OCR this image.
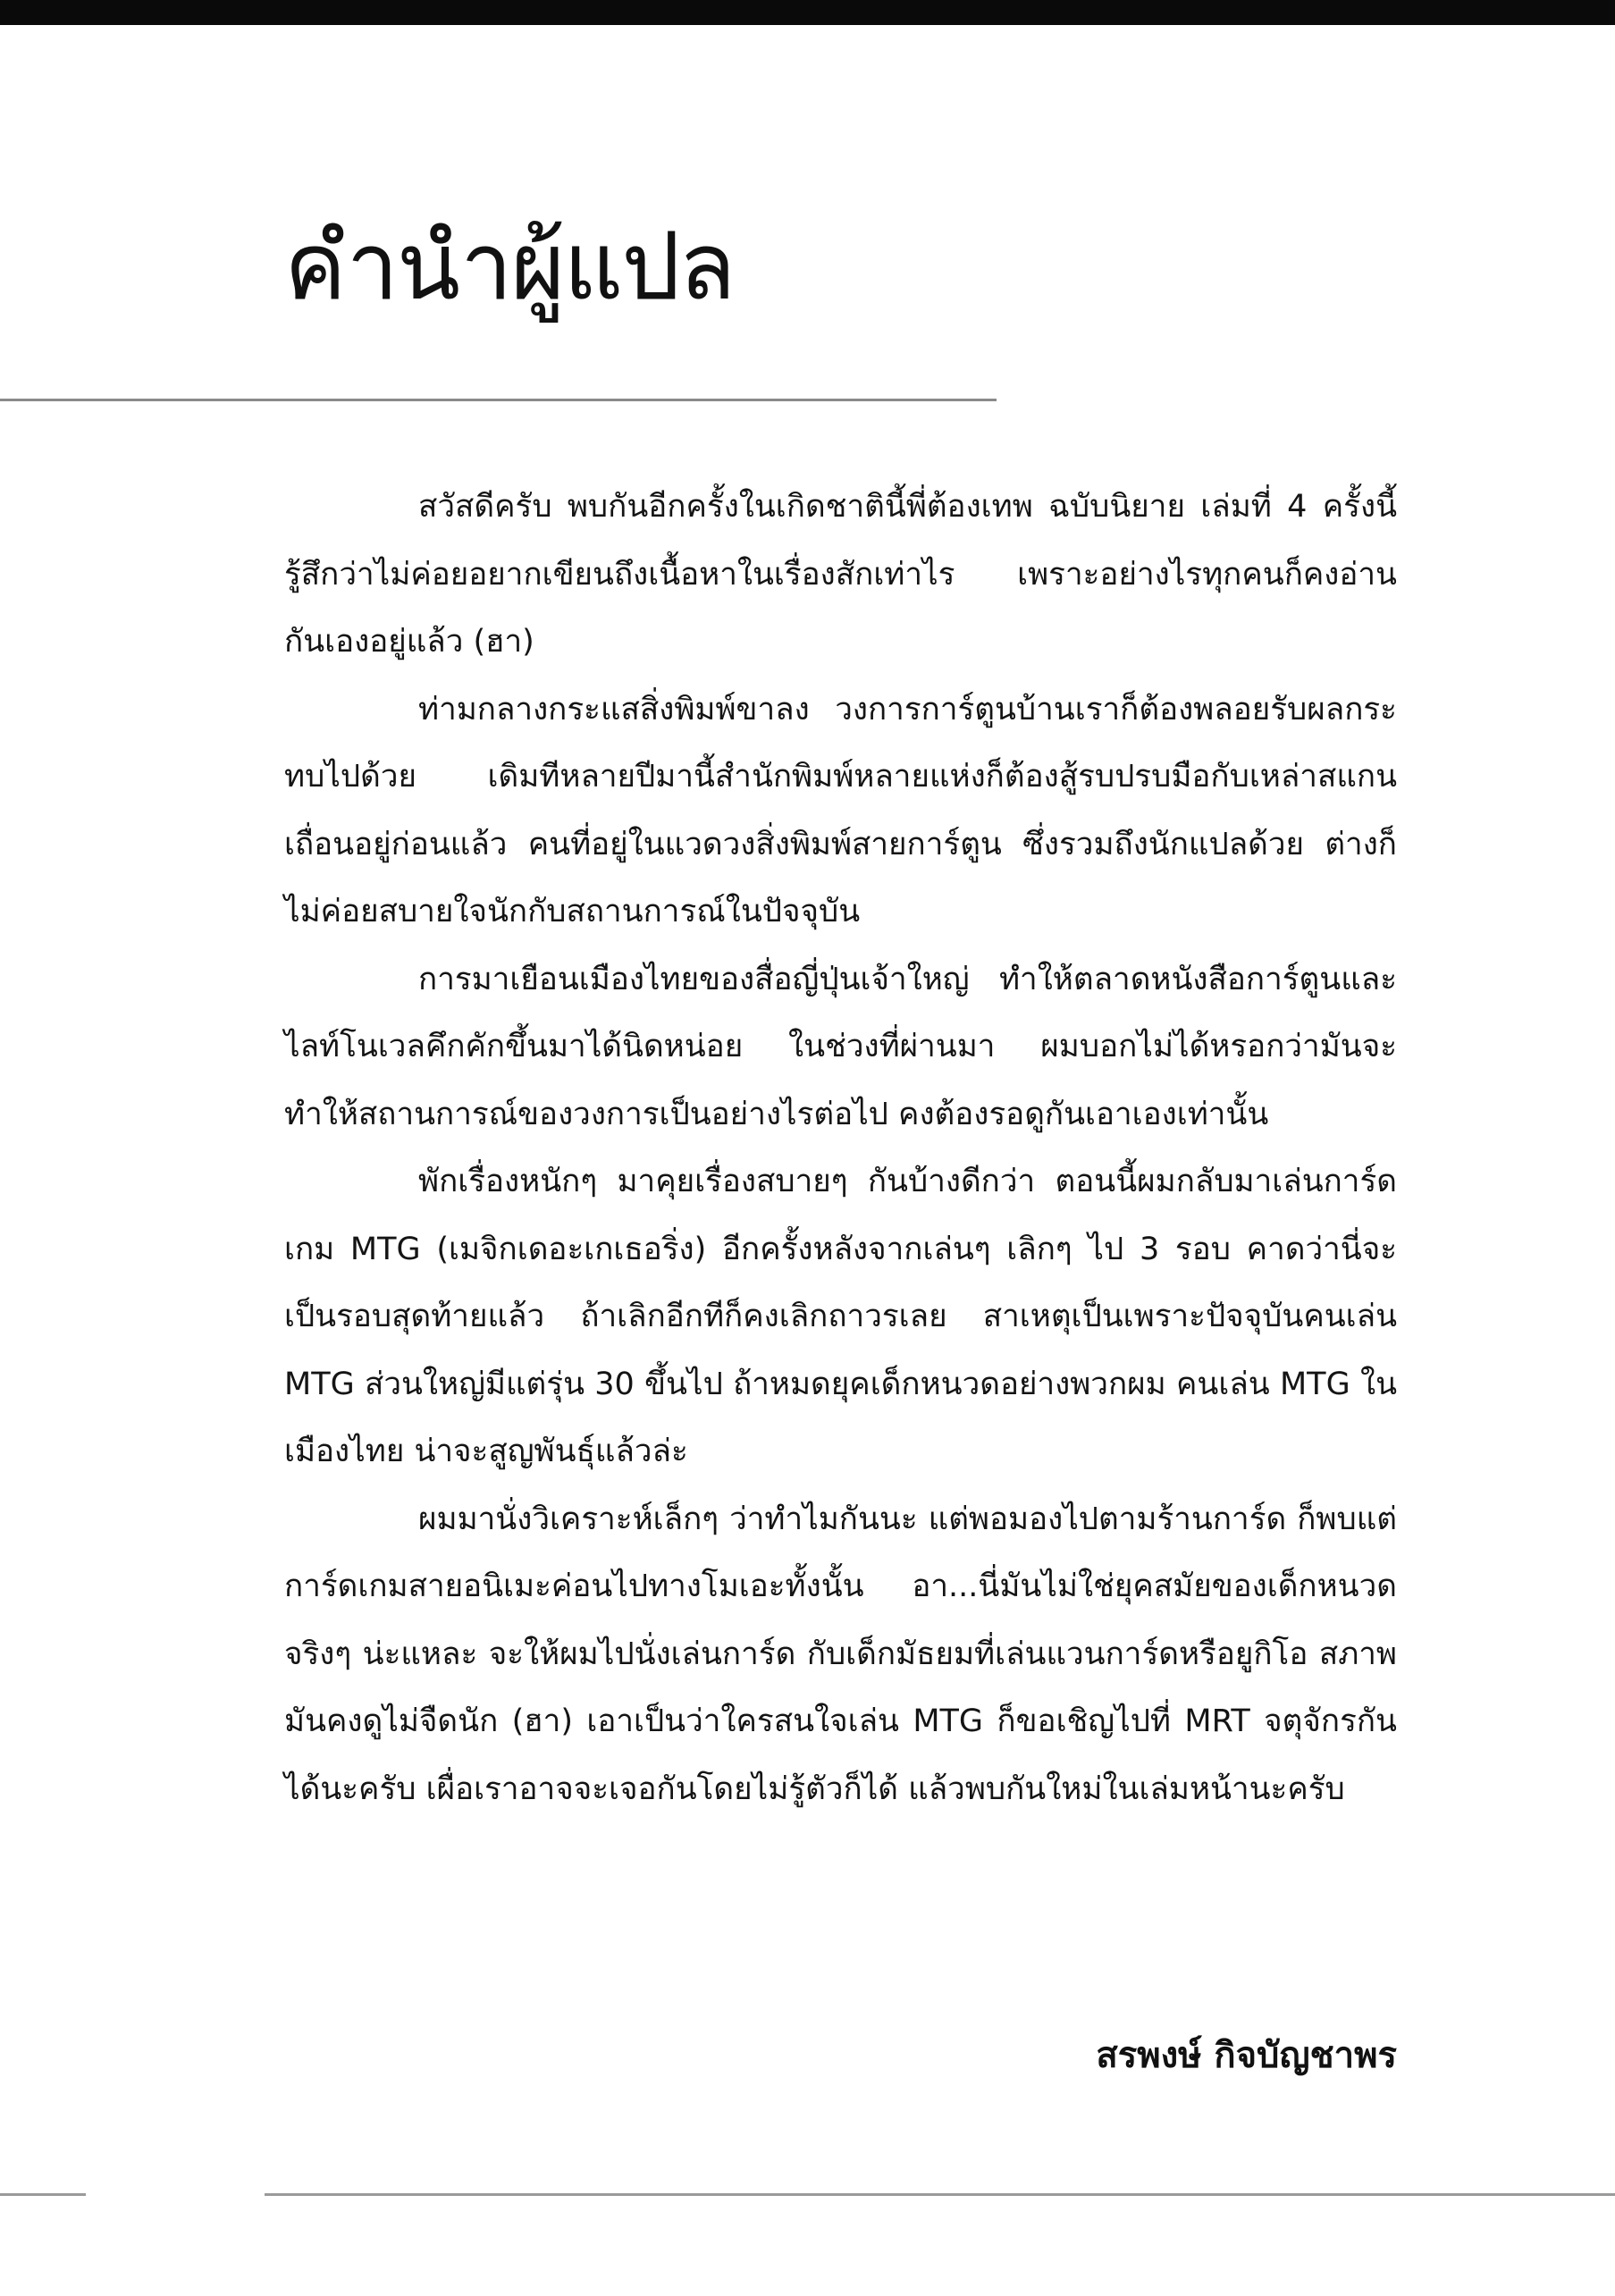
คำนำผู้แปล

สวัสดีครับ พบกันอีกครั้งในเกิดชาตินี้พี่ต้องเทพ ฉบับนิยาย เล่มที่ 4 ครั้งนี้รู้สึกว่าไม่ค่อยอยากเขียนถึงเนื้อหาในเรื่องสักเท่าไร เพราะอย่างไรทุกคนก็คงอ่านกันเองอยู่แล้ว (ฮา)

ท่ามกลางกระแสสิ่งพิมพ์ขาลง วงการการ์ตูนบ้านเราก็ต้องพลอยรับผลกระทบไปด้วย เดิมทีหลายปีมานี้สำนักพิมพ์หลายแห่งก็ต้องสู้รบปรบมือกับเหล่าสแกนเถื่อนอยู่ก่อนแล้ว คนที่อยู่ในแวดวงสิ่งพิมพ์สายการ์ตูน ซึ่งรวมถึงนักแปลด้วย ต่างก็ไม่ค่อยสบายใจนักกับสถานการณ์ในปัจจุบัน

การมาเยือนเมืองไทยของสื่อญี่ปุ่นเจ้าใหญ่ ทำให้ตลาดหนังสือการ์ตูนและไลท์โนเวลคึกคักขึ้นมาได้นิดหน่อย ในช่วงที่ผ่านมา ผมบอกไม่ได้หรอกว่ามันจะทำให้สถานการณ์ของวงการเป็นอย่างไรต่อไป คงต้องรอดูกันเอาเองเท่านั้น

พักเรื่องหนักๆ มาคุยเรื่องสบายๆ กันบ้างดีกว่า ตอนนี้ผมกลับมาเล่นการ์ดเกม MTG (เมจิกเดอะเกเธอริ่ง) อีกครั้งหลังจากเล่นๆ เลิกๆ ไป 3 รอบ คาดว่านี่จะเป็นรอบสุดท้ายแล้ว ถ้าเลิกอีกทีก็คงเลิกถาวรเลย สาเหตุเป็นเพราะปัจจุบันคนเล่น MTG ส่วนใหญ่มีแต่รุ่น 30 ขึ้นไป ถ้าหมดยุคเด็กหนวดอย่างพวกผม คนเล่น MTG ในเมืองไทย น่าจะสูญพันธุ์แล้วล่ะ

ผมมานั่งวิเคราะห์เล็กๆ ว่าทำไมกันนะ แต่พอมองไปตามร้านการ์ด ก็พบแต่การ์ดเกมสายอนิเมะค่อนไปทางโมเอะทั้งนั้น อา...นี่มันไม่ใช่ยุคสมัยของเด็กหนวดจริงๆ น่ะแหละ จะให้ผมไปนั่งเล่นการ์ด กับเด็กมัธยมที่เล่นแวนการ์ดหรือยูกิโอ สภาพมันคงดูไม่จืดนัก (ฮา) เอาเป็นว่าใครสนใจเล่น MTG ก็ขอเชิญไปที่ MRT จตุจักรกันได้นะครับ เผื่อเราอาจจะเจอกันโดยไม่รู้ตัวก็ได้ แล้วพบกันใหม่ในเล่มหน้านะครับ

สรพงษ์ กิจบัญชาพร
